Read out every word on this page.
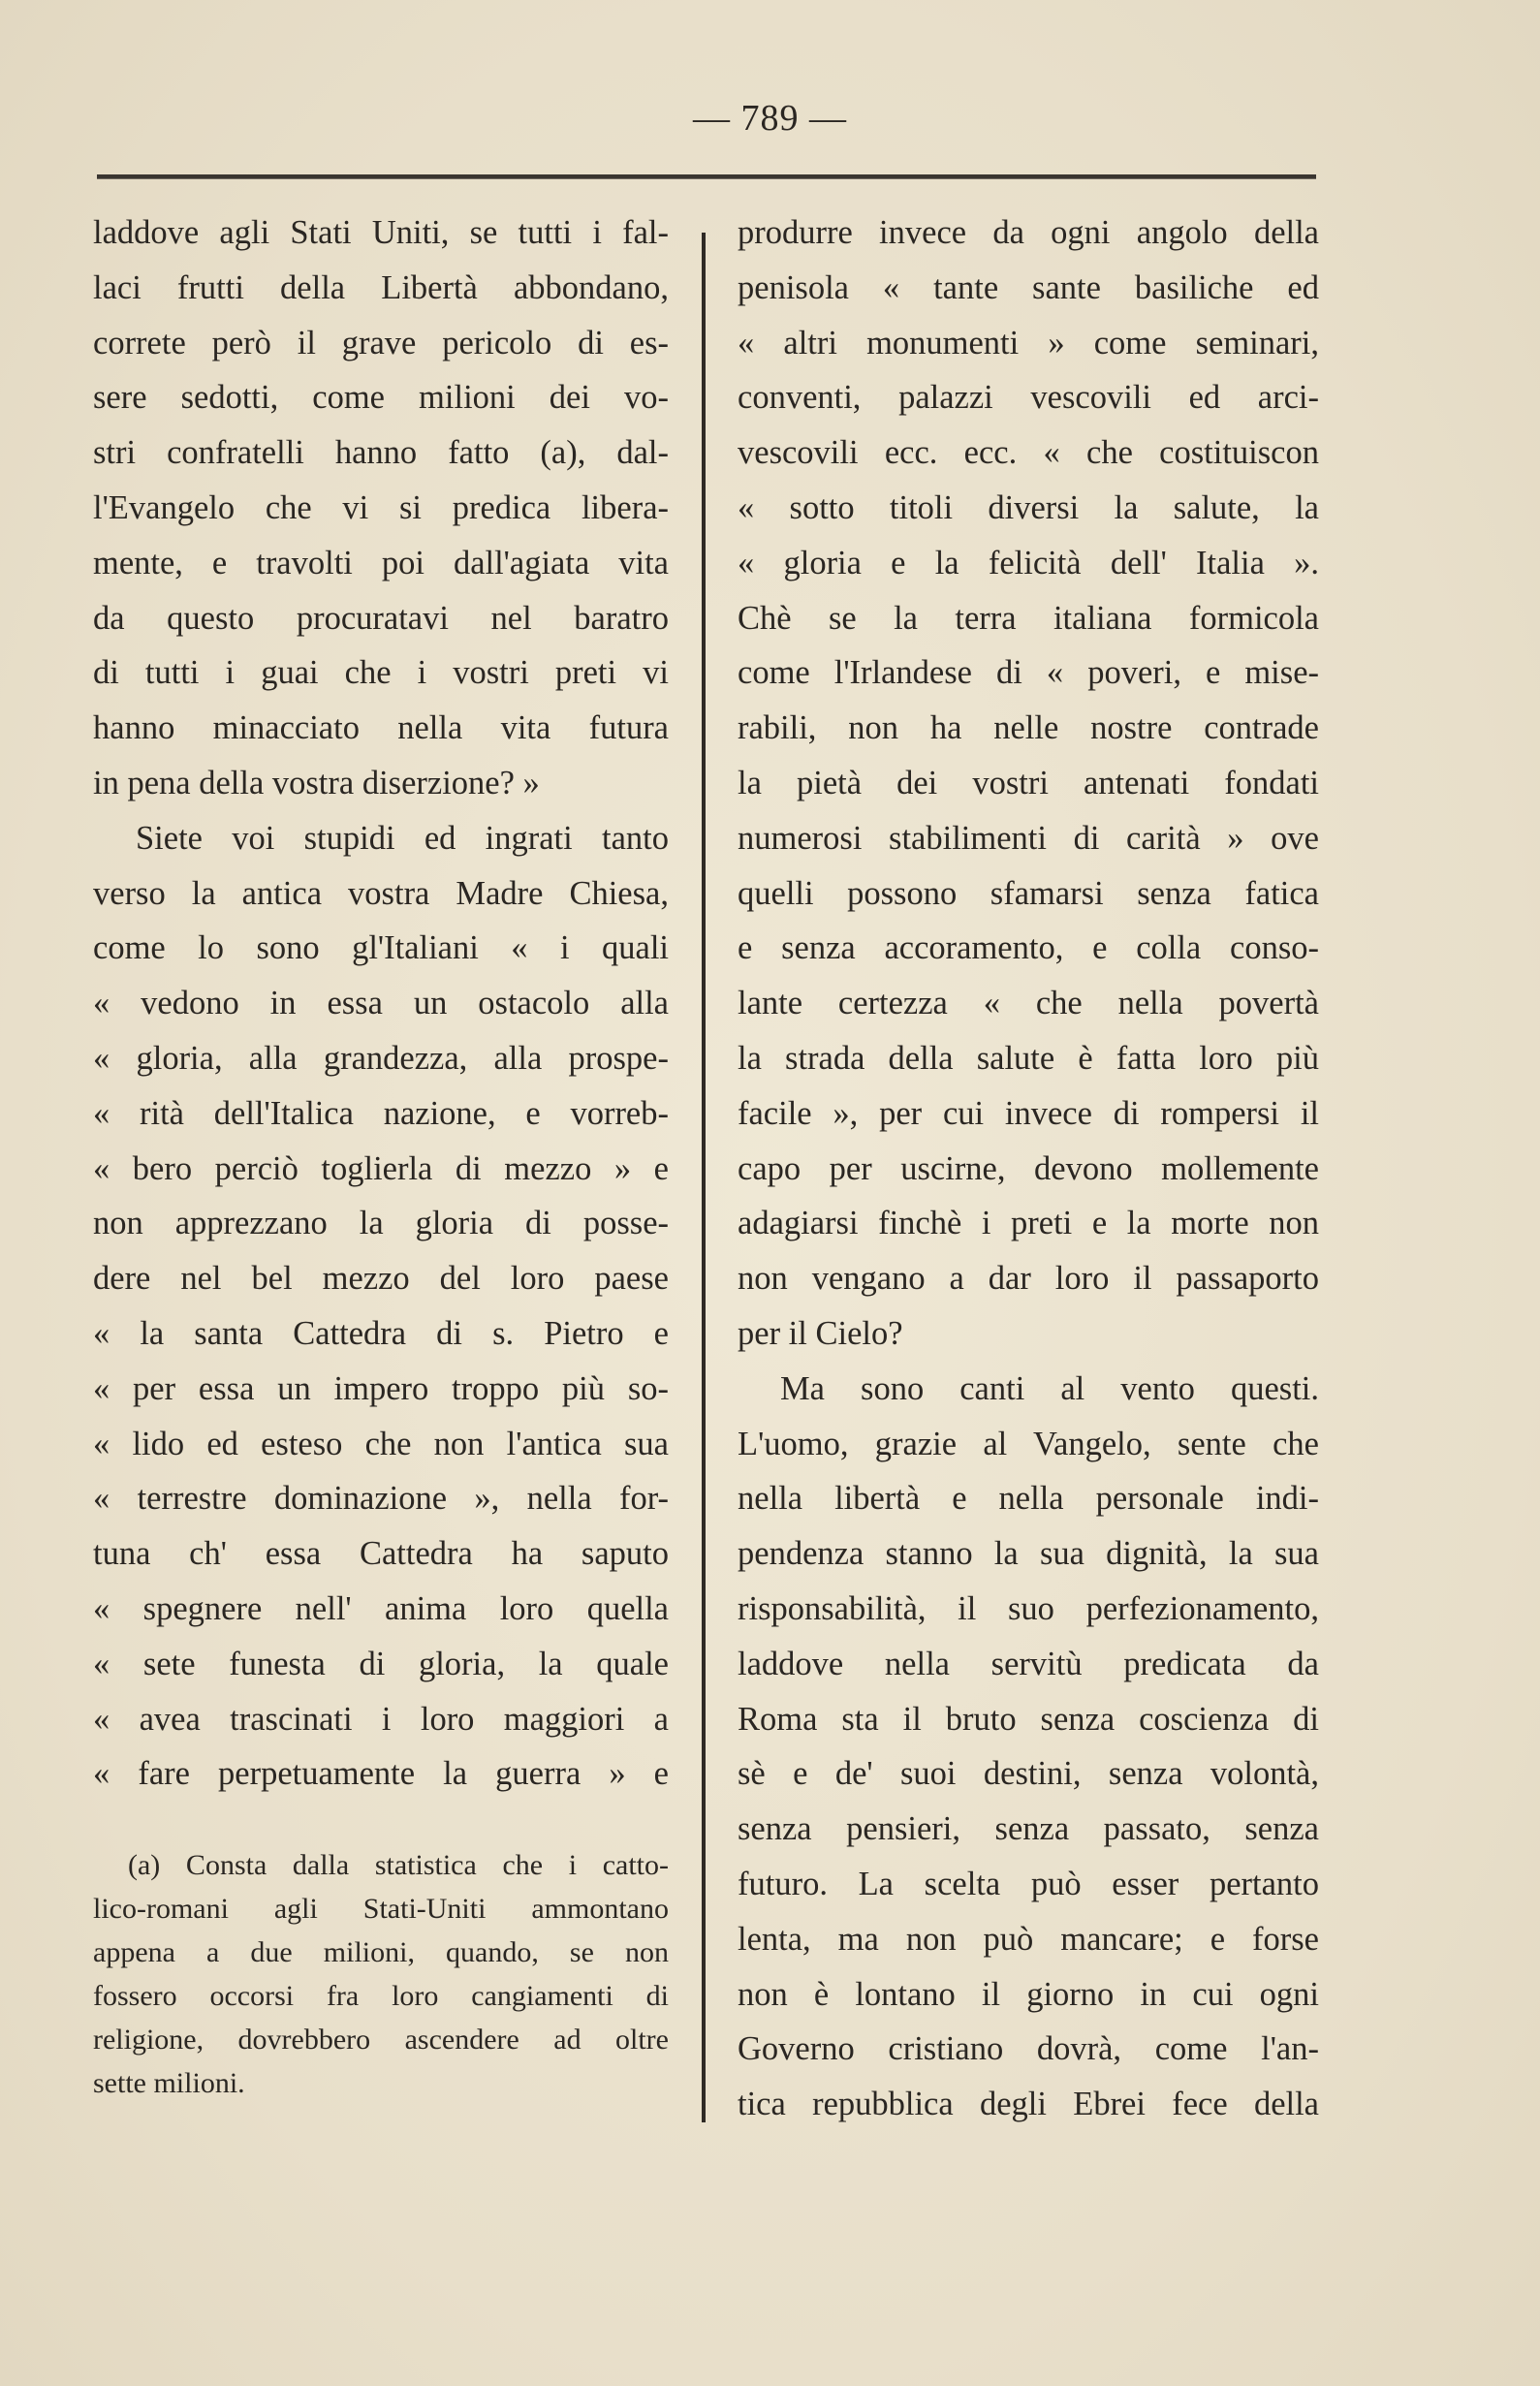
— 789 —
laddove agli Stati Uniti, se tutti i fal-
laci frutti della Libertà abbondano,
correte però il grave pericolo di es-
sere sedotti, come milioni dei vo-
stri confratelli hanno fatto (a), dal-
l'Evangelo che vi si predica libera-
mente, e travolti poi dall'agiata vita
da questo procuratavi nel baratro
di tutti i guai che i vostri preti vi
hanno minacciato nella vita futura
in pena della vostra diserzione? »
Siete voi stupidi ed ingrati tanto
verso la antica vostra Madre Chiesa,
come lo sono gl'Italiani « i quali
« vedono in essa un ostacolo alla
« gloria, alla grandezza, alla prospe-
« rità dell'Italica nazione, e vorreb-
« bero perciò toglierla di mezzo » e
non apprezzano la gloria di posse-
dere nel bel mezzo del loro paese
« la santa Cattedra di s. Pietro e
« per essa un impero troppo più so-
« lido ed esteso che non l'antica sua
« terrestre dominazione », nella for-
tuna ch' essa Cattedra ha saputo
« spegnere nell' anima loro quella
« sete funesta di gloria, la quale
« avea trascinati i loro maggiori a
« fare perpetuamente la guerra » e
(a) Consta dalla statistica che i catto-
lico-romani agli Stati-Uniti ammontano
appena a due milioni, quando, se non
fossero occorsi fra loro cangiamenti di
religione, dovrebbero ascendere ad oltre
sette milioni.
produrre invece da ogni angolo della
penisola « tante sante basiliche ed
« altri monumenti » come seminari,
conventi, palazzi vescovili ed arci-
vescovili ecc. ecc. « che costituiscon
« sotto titoli diversi la salute, la
« gloria e la felicità dell' Italia ».
Chè se la terra italiana formicola
come l'Irlandese di « poveri, e mise-
rabili, non ha nelle nostre contrade
la pietà dei vostri antenati fondati
numerosi stabilimenti di carità » ove
quelli possono sfamarsi senza fatica
e senza accoramento, e colla conso-
lante certezza « che nella povertà
la strada della salute è fatta loro più
facile », per cui invece di rompersi il
capo per uscirne, devono mollemente
adagiarsi finchè i preti e la morte non
non vengano a dar loro il passaporto
per il Cielo?
Ma sono canti al vento questi.
L'uomo, grazie al Vangelo, sente che
nella libertà e nella personale indi-
pendenza stanno la sua dignità, la sua
risponsabilità, il suo perfezionamento,
laddove nella servitù predicata da
Roma sta il bruto senza coscienza di
sè e de' suoi destini, senza volontà,
senza pensieri, senza passato, senza
futuro. La scelta può esser pertanto
lenta, ma non può mancare; e forse
non è lontano il giorno in cui ogni
Governo cristiano dovrà, come l'an-
tica repubblica degli Ebrei fece della
